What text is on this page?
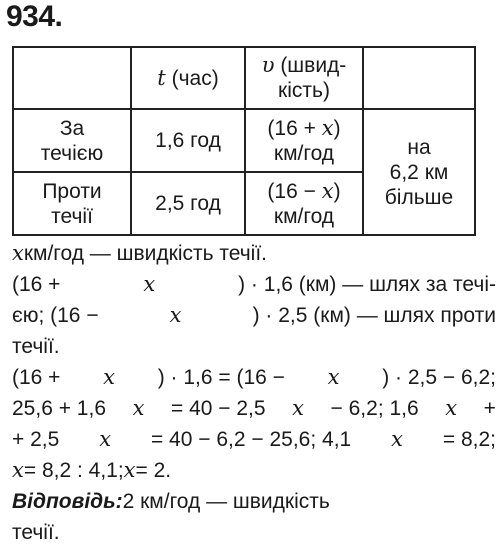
934.
	t (час)	υ (швид-
кість)	
За
течією	1,6 год	(16 + x)
км/год	на
6,2 км
більше
Проти
течії	2,5 год	(16 − x)
км/год	
x км/год — швидкість течії.
(16 +	x	) · 1,6 (км) — шлях за течі-
єю; (16 −	x	) · 2,5 (км) — шлях проти
течії.
(16 + x ) · 1,6 = (16 − x ) · 2,5 − 6,2;
25,6 + 1,6 x = 40 − 2,5 x − 6,2; 1,6 x +
+ 2,5 x = 40 − 6,2 − 25,6; 4,1 x = 8,2;
x = 8,2 : 4,1; x = 2.
Відповідь: 2 км/год — швидкість
течії.
